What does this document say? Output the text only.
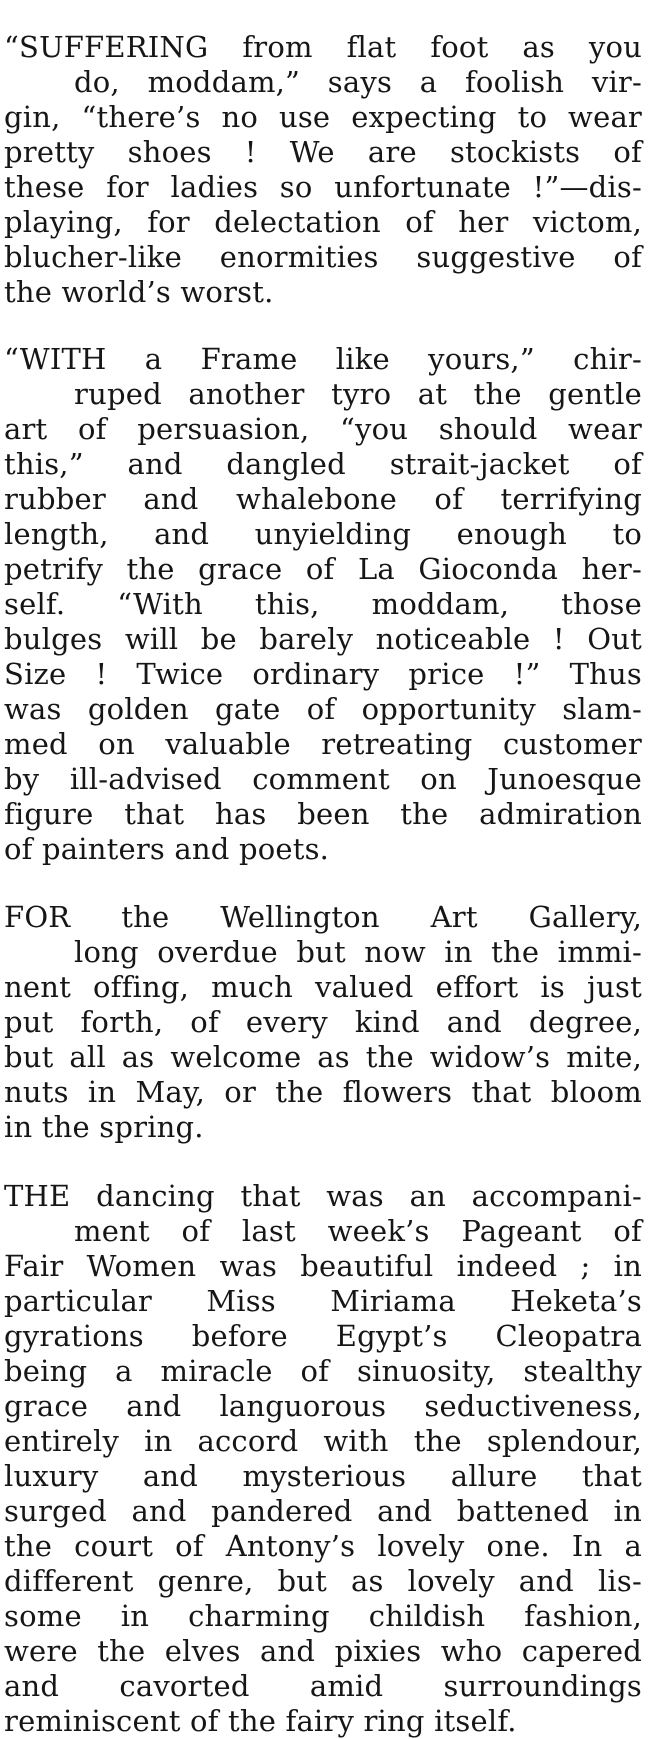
“SUFFERING from flat foot as you
do, moddam,” says a foolish vir-
gin, “there’s no use expecting to wear
pretty shoes ! We are stockists of
these for ladies so unfortunate !”—dis-
playing, for delectation of her victom,
blucher-like enormities suggestive of
the world’s worst.
“WITH a Frame like yours,” chir-
ruped another tyro at the gentle
art of persuasion, “you should wear
this,” and dangled strait-jacket of
rubber and whalebone of terrifying
length, and unyielding enough to
petrify the grace of La Gioconda her-
self. “With this, moddam, those
bulges will be barely noticeable ! Out
Size ! Twice ordinary price !” Thus
was golden gate of opportunity slam-
med on valuable retreating customer
by ill-advised comment on Junoesque
figure that has been the admiration
of painters and poets.
FOR the Wellington Art Gallery,
long overdue but now in the immi-
nent offing, much valued effort is just
put forth, of every kind and degree,
but all as welcome as the widow’s mite,
nuts in May, or the flowers that bloom
in the spring.
THE dancing that was an accompani-
ment of last week’s Pageant of
Fair Women was beautiful indeed ; in
particular Miss Miriama Heketa’s
gyrations before Egypt’s Cleopatra
being a miracle of sinuosity, stealthy
grace and languorous seductiveness,
entirely in accord with the splendour,
luxury and mysterious allure that
surged and pandered and battened in
the court of Antony’s lovely one. In a
different genre, but as lovely and lis-
some in charming childish fashion,
were the elves and pixies who capered
and cavorted amid surroundings
reminiscent of the fairy ring itself.
